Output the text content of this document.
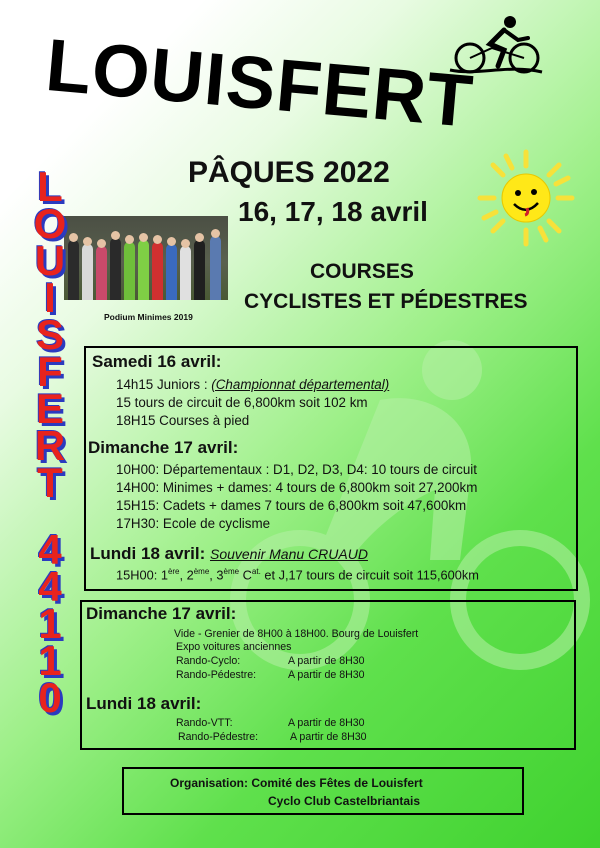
LOUISFERT
PÂQUES 2022
16, 17, 18 avril
COURSES
CYCLISTES ET PÉDESTRES
Podium Minimes 2019
L
O
U
I
S
F
E
R
T
4
4
1
1
0
Samedi 16 avril:
14h15 Juniors : (Championnat départemental)
15 tours de circuit de 6,800km soit 102 km
18H15 Courses à pied
Dimanche 17 avril:
10H00: Départementaux : D1, D2, D3, D4: 10 tours de circuit
14H00: Minimes + dames: 4 tours de 6,800km soit 27,200km
15H15: Cadets + dames 7 tours de 6,800km soit 47,600km
17H30: Ecole de cyclisme
Lundi 18 avril: Souvenir Manu CRUAUD
15H00: 1ère, 2ème, 3ème $C^{at.}$ et J,17 tours de circuit soit 115,600km
Dimanche 17 avril:
Vide - Grenier de 8H00 à 18H00. Bourg de Louisfert
Expo voitures anciennes
Rando-Cyclo:	A partir de 8H30
Rando-Pédestre:	A partir de 8H30
Lundi 18 avril:
Rando-VTT:	A partir de 8H30
Rando-Pédestre:	A partir de 8H30
Organisation: Comité des Fêtes de Louisfert
Cyclo Club Castelbriantais
